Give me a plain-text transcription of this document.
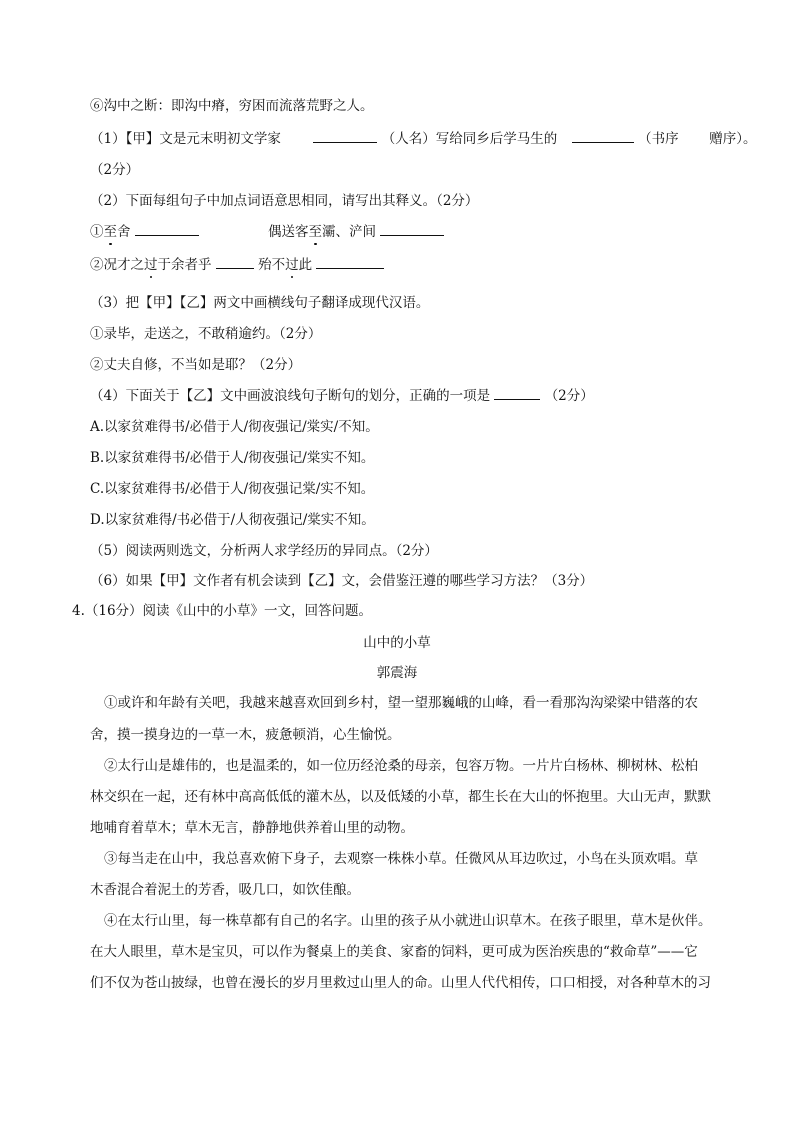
⑥沟中之断：即沟中瘠，穷困而流落荒野之人。
（1）【甲】文是元末明初文学家	（人名）写给同乡后学马生的	（书序 赠序）。
（2分）
（2）下面每组句子中加点词语意思相同，请写出其释义。（2分）
①至舍	偶送客至灞、浐间
②况才之过于余者乎	殆不过此
（3）把【甲】【乙】两文中画横线句子翻译成现代汉语。
①录毕，走送之，不敢稍逾约。（2分）
②丈夫自修，不当如是耶？（2分）
（4）下面关于【乙】文中画波浪线句子断句的划分，正确的一项是	（2分）
A.以家贫难得书/必借于人/彻夜强记/棠实/不知。
B.以家贫难得书/必借于人/彻夜强记/棠实不知。
C.以家贫难得书/必借于人/彻夜强记棠/实不知。
D.以家贫难得/书必借于/人彻夜强记/棠实不知。
（5）阅读两则选文，分析两人求学经历的异同点。（2分）
（6）如果【甲】文作者有机会读到【乙】文，会借鉴汪遵的哪些学习方法？（3分）
4.（16分）阅读《山中的小草》一文，回答问题。
山中的小草
郭震海
①或许和年龄有关吧，我越来越喜欢回到乡村，望一望那巍峨的山峰，看一看那沟沟梁梁中错落的农
舍，摸一摸身边的一草一木，疲惫顿消，心生愉悦。
②太行山是雄伟的，也是温柔的，如一位历经沧桑的母亲，包容万物。一片片白杨林、柳树林、松柏
林交织在一起，还有林中高高低低的灌木丛，以及低矮的小草，都生长在大山的怀抱里。大山无声，默默
地哺育着草木；草木无言，静静地供养着山里的动物。
③每当走在山中，我总喜欢俯下身子，去观察一株株小草。任微风从耳边吹过，小鸟在头顶欢唱。草
木香混合着泥土的芳香，吸几口，如饮佳酿。
④在太行山里，每一株草都有自己的名字。山里的孩子从小就进山识草木。在孩子眼里，草木是伙伴。
在大人眼里，草木是宝贝，可以作为餐桌上的美食、家畜的饲料，更可成为医治疾患的“救命草”——它
们不仅为苍山披绿，也曾在漫长的岁月里救过山里人的命。山里人代代相传，口口相授，对各种草木的习
